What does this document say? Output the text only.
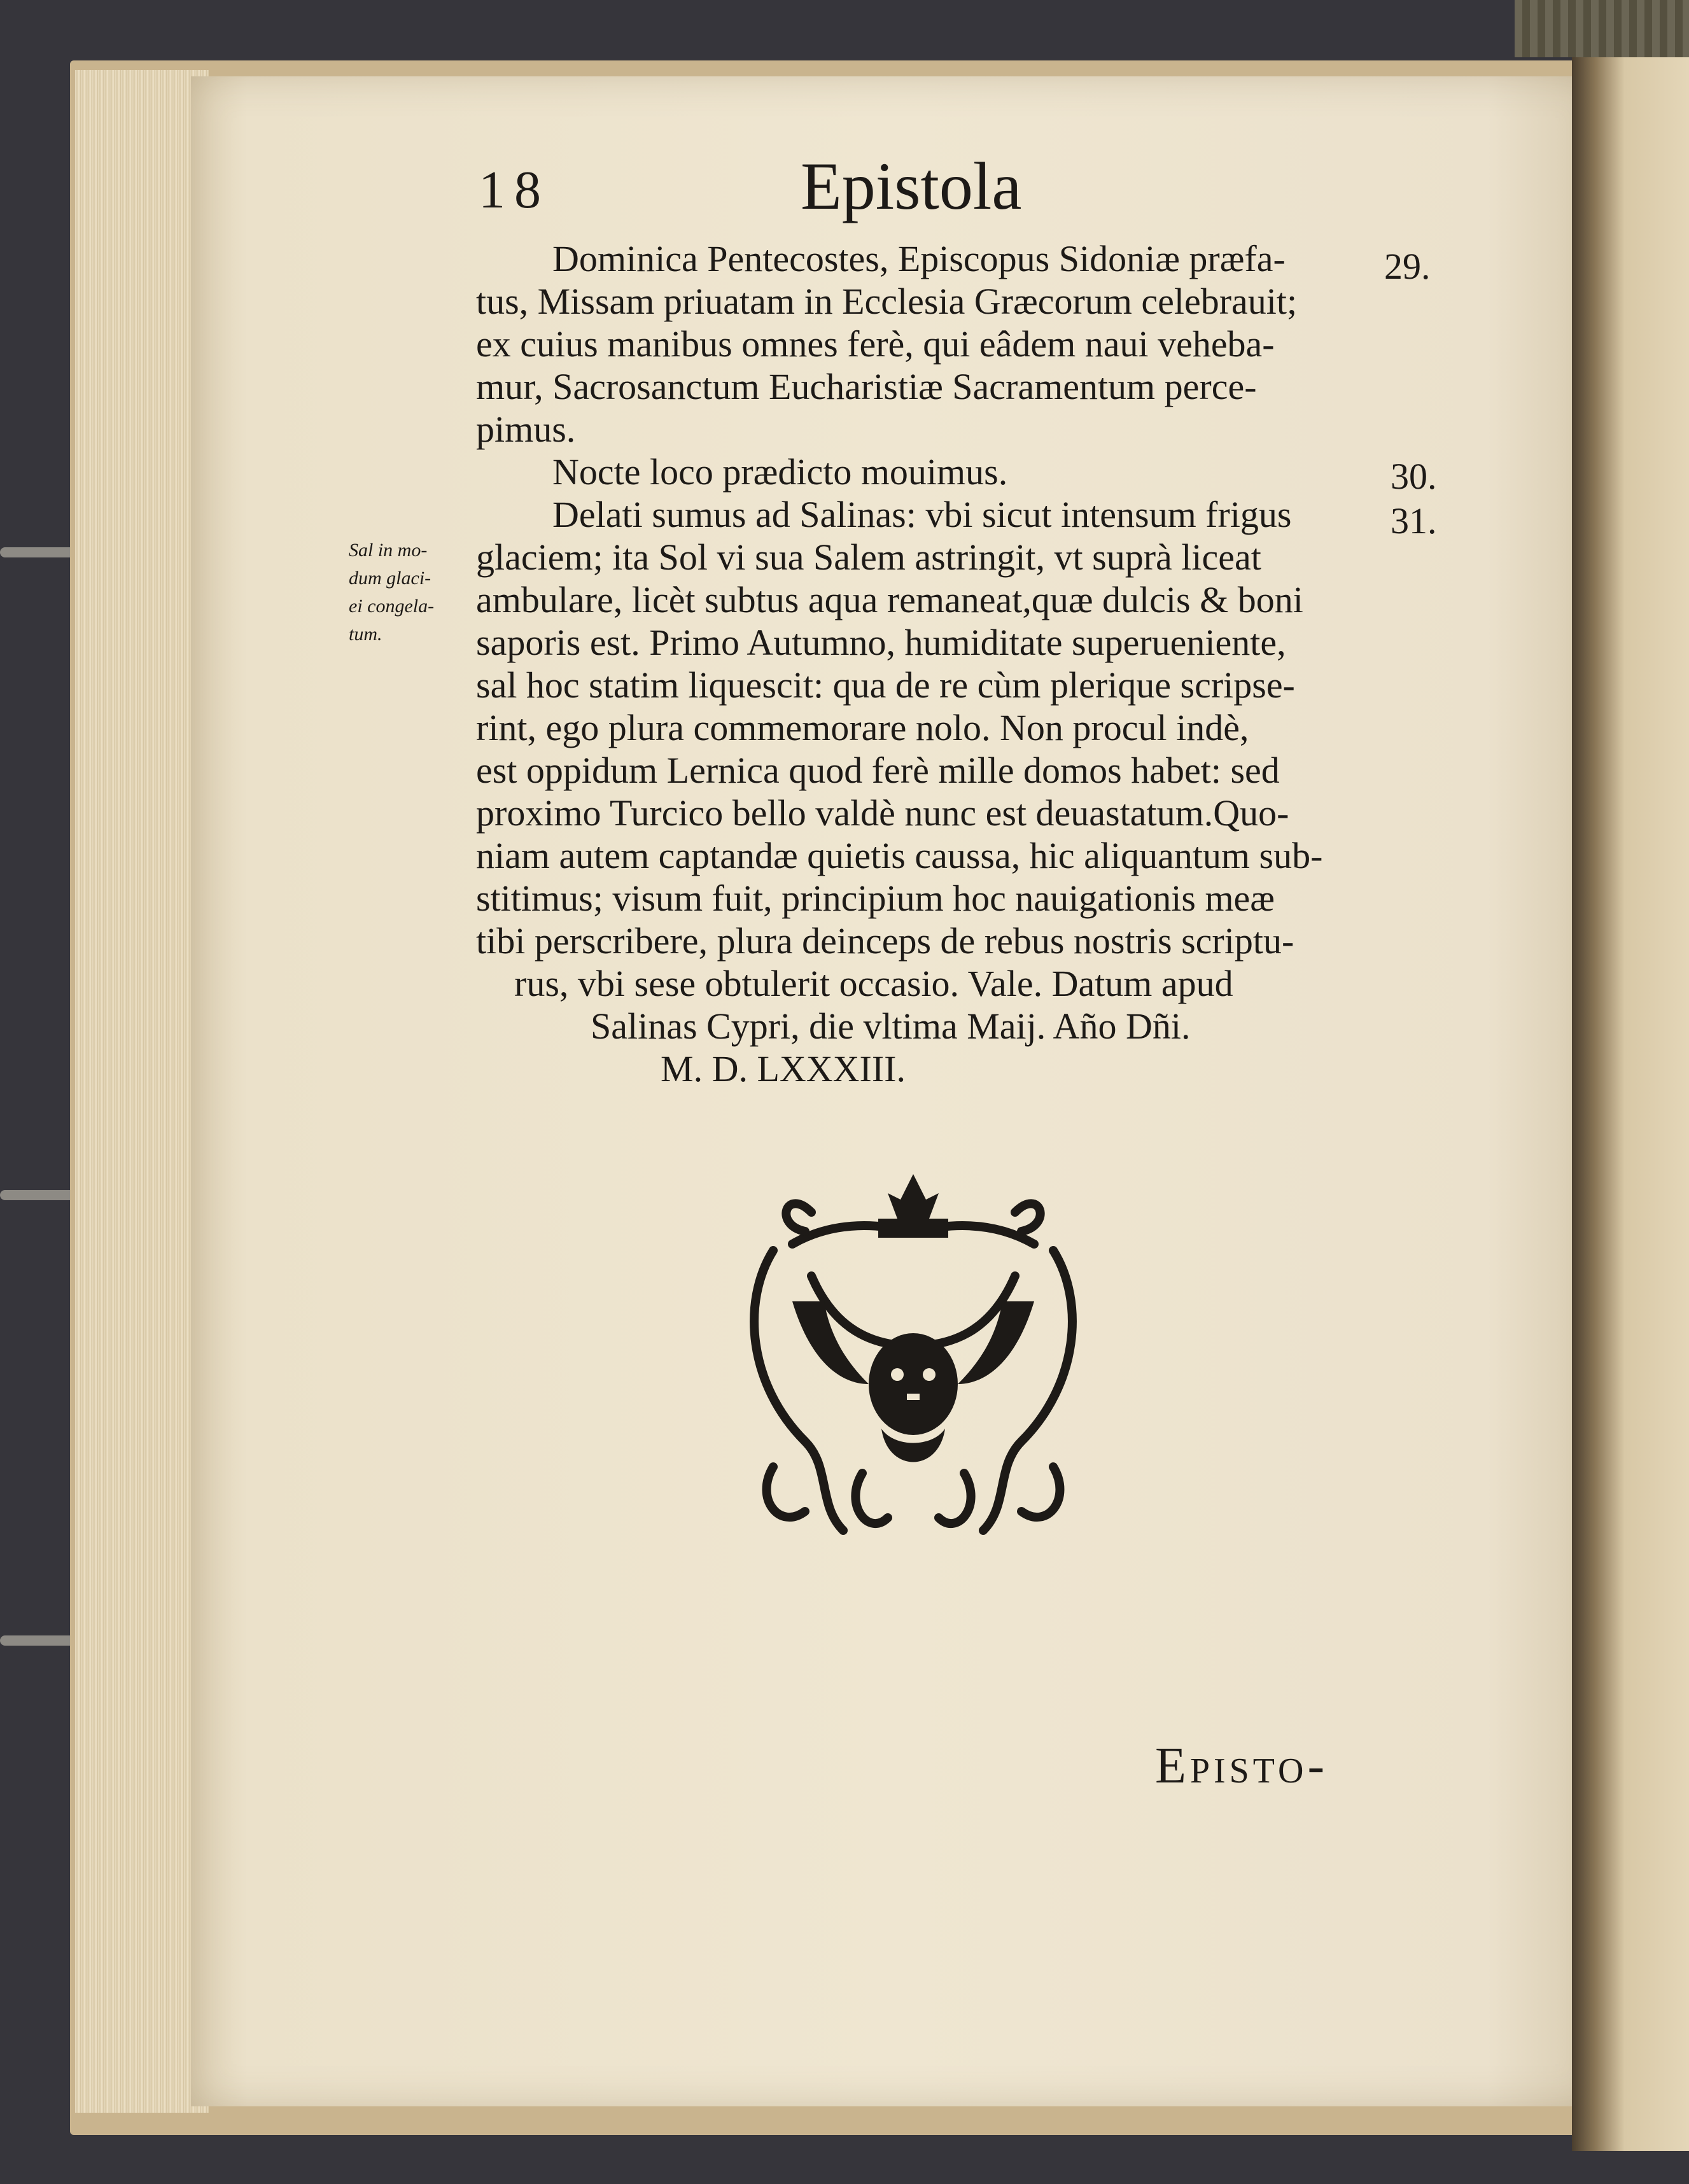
18	Epistola
Dominica Pentecostes, Episcopus Sidoniæ præfa-	29.
tus, Missam priuatam in Ecclesia Græcorum celebrauit;
ex cuius manibus omnes ferè, qui eâdem naui veheba-
mur, Sacrosanctum Eucharistiæ Sacramentum perce-
pimus.
Nocte loco prædicto mouimus.	30.
Delati sumus ad Salinas: vbi sicut intensum frigus	31.
glaciem; ita Sol vi sua Salem astringit, vt suprà liceat
ambulare, licèt subtus aqua remaneat,quæ dulcis & boni
saporis est. Primo Autumno, humiditate superueniente,
sal hoc statim liquescit: qua de re cùm plerique scripse-
rint, ego plura commemorare nolo. Non procul indè,
est oppidum Lernica quod ferè mille domos habet: sed
proximo Turcico bello valdè nunc est deuastatum.Quo-
niam autem captandæ quietis caussa, hic aliquantum sub-
stitimus; visum fuit, principium hoc nauigationis meæ
tibi perscribere, plura deinceps de rebus nostris scriptu-
rus, vbi sese obtulerit occasio. Vale. Datum apud
Salinas Cypri, die vltima Maij. Año Dñi.
M. D. LXXXIII.
Sal in mo-
dum glaci-
ei congela-
tum.
Episto-
